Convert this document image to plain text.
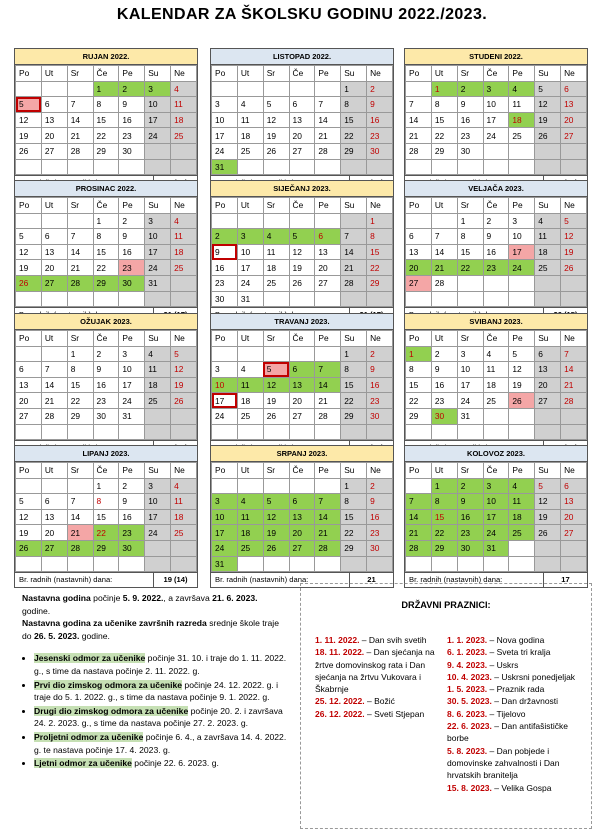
KALENDAR ZA ŠKOLSKU GODINU 2022./2023.
RUJAN 2022.
Po	Ut	Sr	Če	Pe	Su	Ne
			1	2	3	4
5	6	7	8	9	10	11
12	13	14	15	16	17	18
19	20	21	22	23	24	25
26	27	28	29	30		

LISTOPAD 2022.
Po	Ut	Sr	Če	Pe	Su	Ne
					1	2
3	4	5	6	7	8	9
10	11	12	13	14	15	16
17	18	19	20	21	22	23
24	25	26	27	28	29	30
31						
STUDENI 2022.
Po	Ut	Sr	Če	Pe	Su	Ne
	1	2	3	4	5	6
7	8	9	10	11	12	13
14	15	16	17	18	19	20
21	22	23	24	25	26	27
28	29	30				

PROSINAC 2022.
Po	Ut	Sr	Če	Pe	Su	Ne
			1	2	3	4
5	6	7	8	9	10	11
12	13	14	15	16	17	18
19	20	21	22	23	24	25
26	27	28	29	30	31	

SIJEČANJ 2023.
Po	Ut	Sr	Če	Pe	Su	Ne
						1
2	3	4	5	6	7	8
9	10	11	12	13	14	15
16	17	18	19	20	21	22
23	24	25	26	27	28	29
30	31					
VELJAČA 2023.
Po	Ut	Sr	Če	Pe	Su	Ne
		1	2	3	4	5
6	7	8	9	10	11	12
13	14	15	16	17	18	19
20	21	22	23	24	25	26
27	28					

OŽUJAK 2023.
Po	Ut	Sr	Če	Pe	Su	Ne
		1	2	3	4	5
6	7	8	9	10	11	12
13	14	15	16	17	18	19
20	21	22	23	24	25	26
27	28	29	30	31		

TRAVANJ 2023.
Po	Ut	Sr	Če	Pe	Su	Ne
					1	2
3	4	5	6	7	8	9
10	11	12	13	14	15	16
17	18	19	20	21	22	23
24	25	26	27	28	29	30

SVIBANJ 2023.
Po	Ut	Sr	Če	Pe	Su	Ne
1	2	3	4	5	6	7
8	9	10	11	12	13	14
15	16	17	18	19	20	21
22	23	24	25	26	27	28
29	30	31				

LIPANJ 2023.
Po	Ut	Sr	Če	Pe	Su	Ne
			1	2	3	4
5	6	7	8	9	10	11
12	13	14	15	16	17	18
19	20	21	22	23	24	25
26	27	28	29	30		

Br. radnih (nastavnih) dana:	19 (14)
SRPANJ 2023.
Po	Ut	Sr	Če	Pe	Su	Ne
					1	2
3	4	5	6	7	8	9
10	11	12	13	14	15	16
17	18	19	20	21	22	23
24	25	26	27	28	29	30
31						
Br. radnih (nastavnih) dana:	21
KOLOVOZ 2023.
Po	Ut	Sr	Če	Pe	Su	Ne
	1	2	3	4	5	6
7	8	9	10	11	12	13
14	15	16	17	18	19	20
21	22	23	24	25	26	27
28	29	30	31			

Br. radnih (nastavnih) dana:	17

Nastavna godina počinje 5. 9. 2022., a završava 21. 6. 2023. godine.

Nastavna godina za učenike završnih razreda srednje škole traje do 26. 5. 2023. godine.

• Jesenski odmor za učenike počinje 31. 10. i traje do 1. 11. 2022. g., s time da nastava počinje 2. 11. 2022. g.
• Prvi dio zimskog odmora za učenike počinje 24. 12. 2022. g. i traje do 5. 1. 2022. g., s time da nastava počinje 9. 1. 2022. g.
• Drugi dio zimskog odmora za učenike počinje 20. 2. i završava 24. 2. 2023. g., s time da nastava počinje 27. 2. 2023. g.
• Proljetni odmor za učenike počinje 6. 4., a završava 14. 4. 2022. g. te nastava počinje 17. 4. 2023. g.
• Ljetni odmor za učenike počinje 22. 6. 2023. g.
DRŽAVNI PRAZNICI:

1. 11. 2022. – Dan svih svetih

18. 11. 2022. – Dan sjećanja na žrtve domovinskog rata i Dan sjećanja na žrtvu Vukovara i Škabrnje

25. 12. 2022. – Božić

26. 12. 2022. – Sveti Stjepan

1. 1. 2023. – Nova godina

6. 1. 2023. – Sveta tri kralja

9. 4. 2023. – Uskrs

10. 4. 2023. – Uskrsni ponedjeljak

1. 5. 2023. – Praznik rada

30. 5. 2023. – Dan državnosti

8. 6. 2023. – Tijelovo

22. 6. 2023. – Dan antifašističke borbe

5. 8. 2023. – Dan pobjede i domovinske zahvalnosti i Dan hrvatskih branitelja

15. 8. 2023. – Velika Gospa
